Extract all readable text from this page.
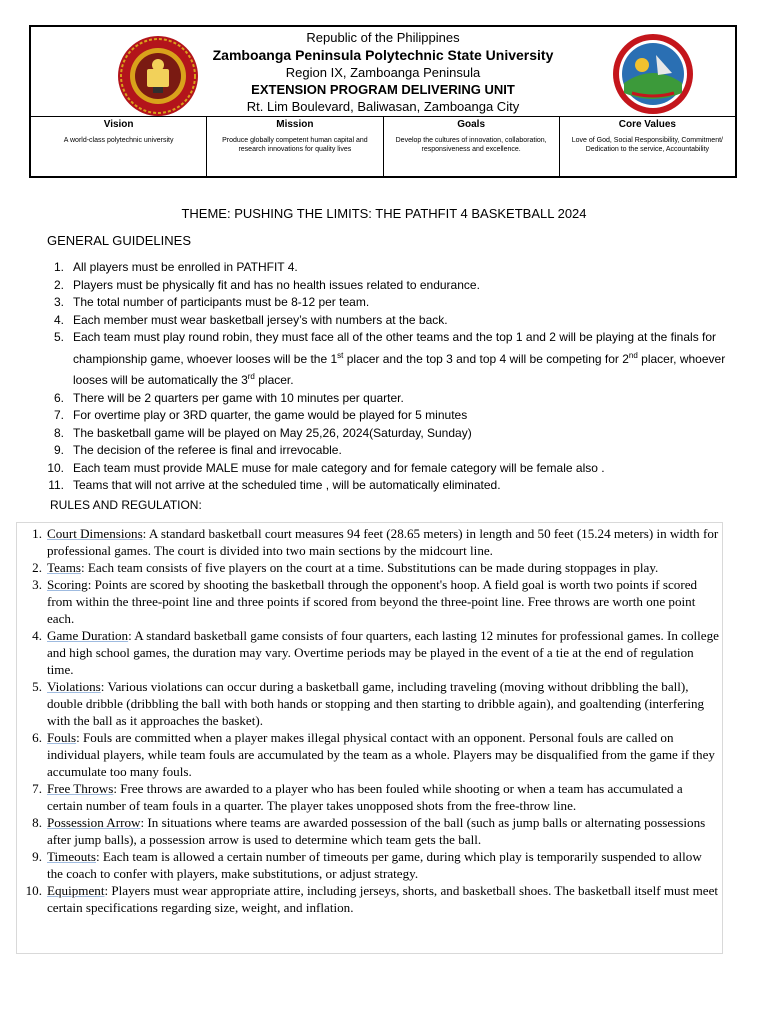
Republic of the Philippines
Zamboanga Peninsula Polytechnic State University
Region IX, Zamboanga Peninsula
EXTENSION PROGRAM DELIVERING UNIT
Rt. Lim Boulevard, Baliwasan, Zamboanga City
Vision
A world-class polytechnic university
Mission
Produce globally competent human capital and research innovations for quality lives
Goals
Develop the cultures of innovation, collaboration, responsiveness and excellence.
Core Values
Love of God, Social Responsibility, Commitment/ Dedication to the service, Accountability
THEME: PUSHING THE LIMITS: THE PATHFIT 4 BASKETBALL 2024
GENERAL GUIDELINES
1. All players must be enrolled in PATHFIT 4.
2. Players must be physically fit and has no health issues related to endurance.
3. The total number of participants must be 8-12 per team.
4. Each member must wear basketball jersey’s with numbers at the back.
5. Each team must play round robin, they must face all of the other teams and the top 1 and 2 will be playing at the finals for championship game, whoever looses will be the 1st placer and the top 3 and top 4 will be competing for 2nd placer, whoever looses will be automatically the 3rd placer.
6. There will be 2 quarters per game with 10 minutes per quarter.
7. For overtime play or 3RD quarter, the game would be played for 5 minutes
8. The basketball game will be played on May 25,26, 2024(Saturday, Sunday)
9. The decision of the referee is final and irrevocable.
10. Each team must provide MALE muse for male category and for female category will be female also .
11. Teams that will not arrive at the scheduled time , will be automatically eliminated.
RULES AND REGULATION:
1. Court Dimensions: A standard basketball court measures 94 feet (28.65 meters) in length and 50 feet (15.24 meters) in width for professional games. The court is divided into two main sections by the midcourt line.
2. Teams: Each team consists of five players on the court at a time. Substitutions can be made during stoppages in play.
3. Scoring: Points are scored by shooting the basketball through the opponent's hoop. A field goal is worth two points if scored from within the three-point line and three points if scored from beyond the three-point line. Free throws are worth one point each.
4. Game Duration: A standard basketball game consists of four quarters, each lasting 12 minutes for professional games. In college and high school games, the duration may vary. Overtime periods may be played in the event of a tie at the end of regulation time.
5. Violations: Various violations can occur during a basketball game, including traveling (moving without dribbling the ball), double dribble (dribbling the ball with both hands or stopping and then starting to dribble again), and goaltending (interfering with the ball as it approaches the basket).
6. Fouls: Fouls are committed when a player makes illegal physical contact with an opponent. Personal fouls are called on individual players, while team fouls are accumulated by the team as a whole. Players may be disqualified from the game if they accumulate too many fouls.
7. Free Throws: Free throws are awarded to a player who has been fouled while shooting or when a team has accumulated a certain number of team fouls in a quarter. The player takes unopposed shots from the free-throw line.
8. Possession Arrow: In situations where teams are awarded possession of the ball (such as jump balls or alternating possessions after jump balls), a possession arrow is used to determine which team gets the ball.
9. Timeouts: Each team is allowed a certain number of timeouts per game, during which play is temporarily suspended to allow the coach to confer with players, make substitutions, or adjust strategy.
10. Equipment: Players must wear appropriate attire, including jerseys, shorts, and basketball shoes. The basketball itself must meet certain specifications regarding size, weight, and inflation.
